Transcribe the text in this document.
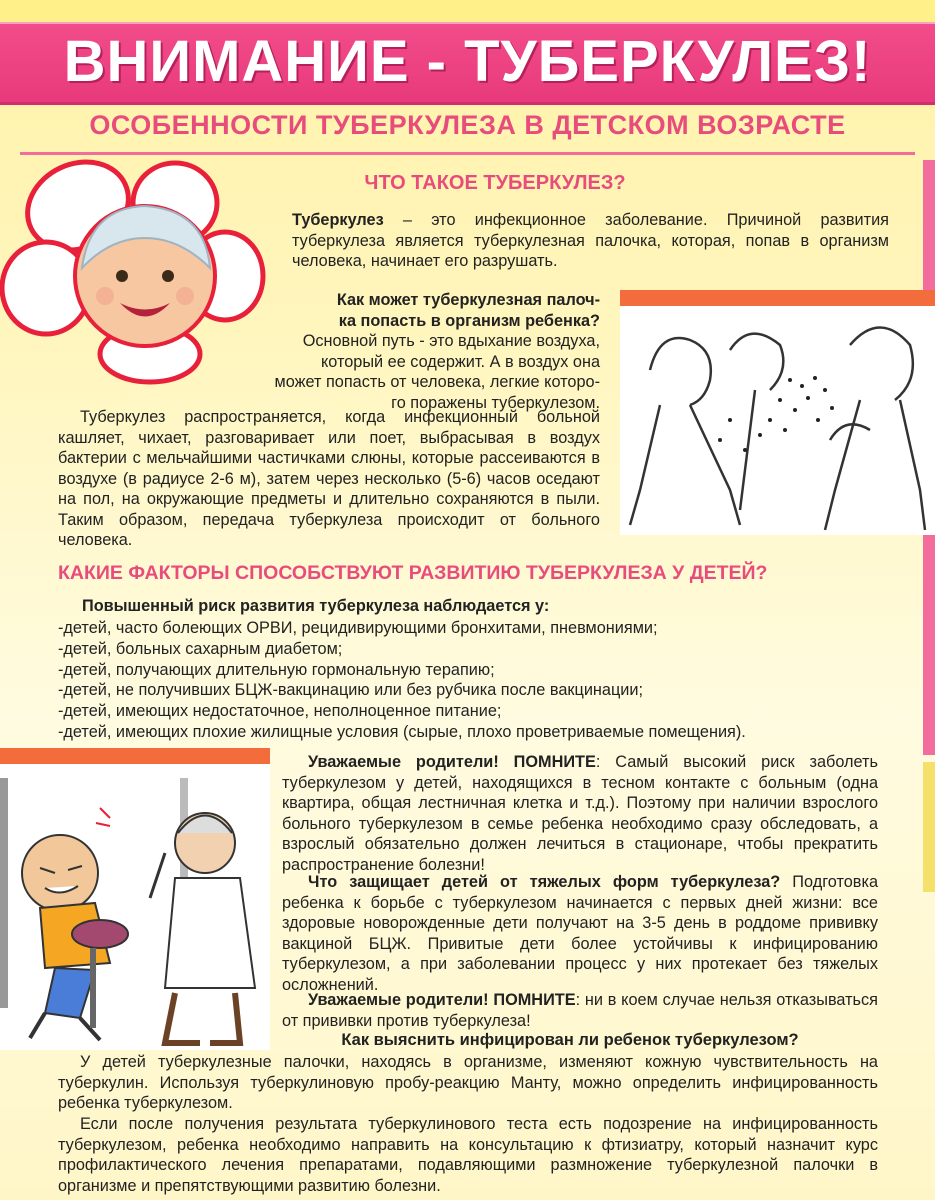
ВНИМАНИЕ - ТУБЕРКУЛЕЗ!
ОСОБЕННОСТИ ТУБЕРКУЛЕЗА В ДЕТСКОМ ВОЗРАСТЕ
ЧТО ТАКОЕ ТУБЕРКУЛЕЗ?
Туберкулез – это инфекционное заболевание. Причиной развития туберкулеза является туберкулезная палочка, которая, попав в организм человека, начинает его разрушать.
Как может туберкулезная палоч-
ка попасть в организм ребенка?
Основной путь - это вдыхание воздуха,
который ее содержит. А в воздух она
может попасть от человека, легкие которо-
го поражены туберкулезом.
Туберкулез распространяется, когда инфекционный больной кашляет, чихает, разговаривает или поет, выбрасывая в воздух бактерии с мельчайшими частичками слюны, которые рассеиваются в воздухе (в радиусе 2-6 м), затем через несколько (5-6) часов оседают на пол, на окружающие предметы и длительно сохраняются в пыли. Таким образом, передача туберкулеза происходит от больного человека.
КАКИЕ ФАКТОРЫ СПОСОБСТВУЮТ РАЗВИТИЮ ТУБЕРКУЛЕЗА У ДЕТЕЙ?
Повышенный риск развития туберкулеза наблюдается у:
-детей, часто болеющих ОРВИ, рецидивирующими бронхитами, пневмониями;
-детей, больных сахарным диабетом;
-детей, получающих длительную гормональную терапию;
-детей, не получивших БЦЖ-вакцинацию или без рубчика после вакцинации;
-детей, имеющих недостаточное, неполноценное питание;
-детей, имеющих плохие жилищные условия (сырые, плохо проветриваемые помещения).
Уважаемые родители! ПОМНИТЕ: Самый высокий риск заболеть туберкулезом у детей, находящихся в тесном контакте с больным (одна квартира, общая лестничная клетка и т.д.). Поэтому при наличии взрослого больного туберкулезом в семье ребенка необходимо сразу обследовать, а взрослый обязательно должен лечиться в стационаре, чтобы прекратить распространение болезни!
Что защищает детей от тяжелых форм туберкулеза? Подготовка ребенка к борьбе с туберкулезом начинается с первых дней жизни: все здоровые новорожденные дети получают на 3-5 день в роддоме прививку вакциной БЦЖ. Привитые дети более устойчивы к инфицированию туберкулезом, а при заболевании процесс у них протекает без тяжелых осложнений.
Уважаемые родители! ПОМНИТЕ: ни в коем случае нельзя отказываться от прививки против туберкулеза!
Как выяснить инфицирован ли ребенок туберкулезом?
У детей туберкулезные палочки, находясь в организме, изменяют кожную чувствительность на туберкулин. Используя туберкулиновую пробу-реакцию Манту, можно определить инфицированность ребенка туберкулезом.
Если после получения результата туберкулинового теста есть подозрение на инфицированность туберкулезом, ребенка необходимо направить на консультацию к фтизиатру, который назначит курс профилактического лечения препаратами, подавляющими размножение туберкулезной палочки в организме и препятствующими развитию болезни.
